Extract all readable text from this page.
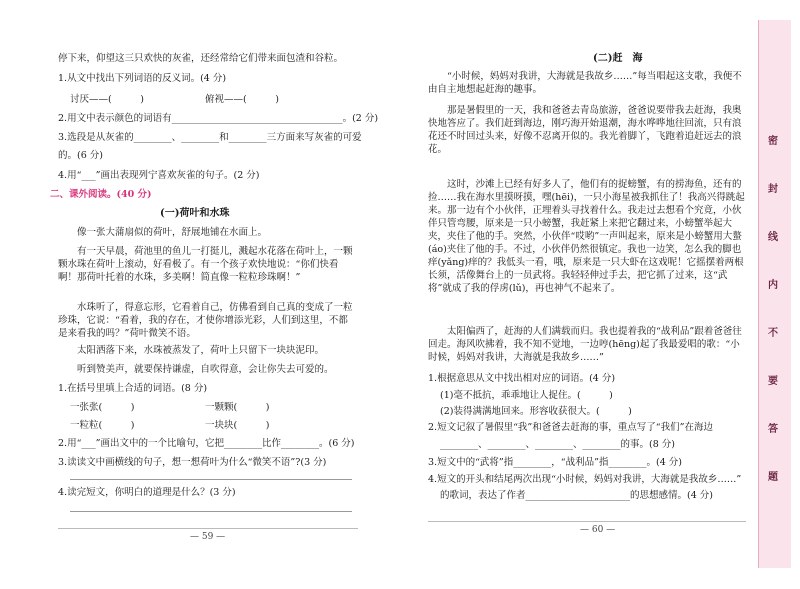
停下来，仰望这三只欢快的灰雀，还经常给它们带来面包渣和谷粒。
1.从文中找出下列词语的反义词。(4 分)
讨厌——(　　　)	俯视——(　　　)
2.用文中表示颜色的词语有____________________________________。(2 分)
3.选段是从灰雀的________、________和________三方面来写灰雀的可爱
的。(6 分)
4.用“___”画出表现列宁喜欢灰雀的句子。(2 分)
二、课外阅读。(40 分)
(一)荷叶和水珠
像一张大蒲扇似的荷叶，舒展地铺在水面上。
有一天早晨，荷池里的鱼儿一打挺儿，溅起水花落在荷叶上，一颗颗水珠在荷叶上滚动，好看极了。有一个孩子欢快地说：“你们快看啊！那荷叶托着的水珠，多美啊！简直像一粒粒珍珠啊！”
水珠听了，得意忘形，它看着自己，仿佛看到自己真的变成了一粒珍珠，它说：“看着，我的存在，才使你增添光彩，人们到这里，不都是来看我的吗？”荷叶微笑不语。
太阳洒落下来，水珠被蒸发了，荷叶上只留下一块块泥印。
听到赞美声，就要保持谦虚，自吹得意，会让你失去可爱的。
1.在括号里填上合适的词语。(8 分)
一张张(　　　)	一颗颗(　　　)
一粒粒(　　　)	一块块(　　　)
2.用“___”画出文中的一个比喻句，它把________比作________。(6 分)
3.读读文中画横线的句子，想一想荷叶为什么“微笑不语”?(3 分)
4.读完短文，你明白的道理是什么？(3 分)
— 59 —
(二)赶　海
“小时候，妈妈对我讲，大海就是我故乡……”每当唱起这支歌，我便不由自主地想起赶海的趣事。
那是暑假里的一天，我和爸爸去青岛旅游，爸爸说要带我去赶海，我奥快地答应了。我们赶到海边，刚巧海开始退潮，海水哗哗地往回流，只有浪花还不时回过头来，好像不忍离开似的。我光着脚丫，飞跑着追赶远去的浪花。
这时，沙滩上已经有好多人了，他们有的捉螃蟹，有的捞海鱼，还有的捡……我在海水里摸呀摸，嘿(hēi)，一只小海星被我抓住了！我高兴得跳起来。那一边有个小伙伴，正埋着头寻找着什么。我走过去想看个究竟，小伙伴只管弯腰，原来是一只小螃蟹，我赶紧上来把它翻过来，小螃蟹举起大夹，夹住了他的手。突然，小伙伴“哎哟”一声叫起来，原来是小螃蟹用大螯(áo)夹住了他的手。不过，小伙伴仍然很镇定。我也一边笑，怎么我的脚也痒(yǎng)痒的？我低头一看，哦，原来是一只大虾在这戏呢！它摇摆着两根长须，活像舞台上的一员武将。我轻轻伸过手去，把它抓了过来，这“武将”就成了我的俘虏(lǔ)，再也神气不起来了。
太阳偏西了，赶海的人们满载而归。我也提着我的“战利品”跟着爸爸往回走。海风吹拂着，我不知不觉地，一边哼(hēng)起了我最爱唱的歌：“小时候，妈妈对我讲，大海就是我故乡……”
1.根据意思从文中找出相对应的词语。(4 分)
(1)毫不抵抗，乖乖地让人捉住。(　　　)
(2)装得满满地回来。形容收获很大。(　　　)
2.短文记叙了暑假里“我”和爸爸去赶海的事，重点写了“我们”在海边
________、________、________、________的事。(8 分)
3.短文中的“武将”指________，“战利品”指________。(4 分)
4.短文的开头和结尾两次出现“小时候，妈妈对我讲，大海就是我故乡……”
的歌词，表达了作者______________________的思想感情。(4 分)
— 60 —
密
封
线
内
不
要
答
题
